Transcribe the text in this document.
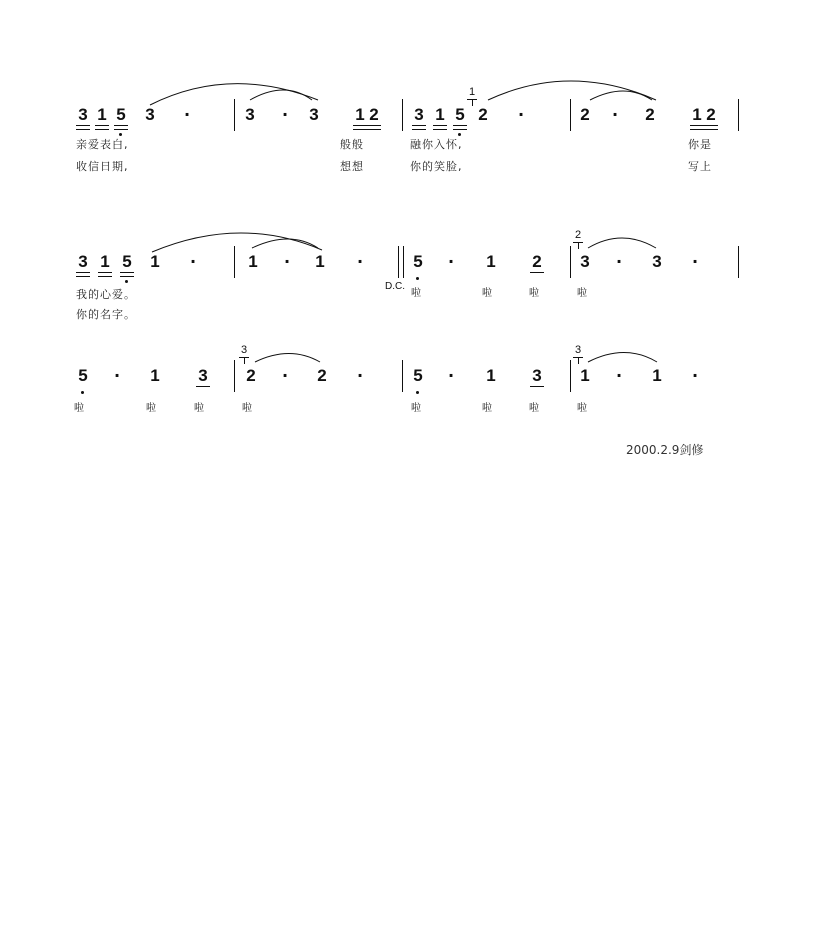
3 1 5 3 ·	3 · 3 1 2 3 1 5 2 ·	2 · 2 1 2
1
亲爱表白,	般般	融你入怀,	你是
收信日期,	想想	你的笑脸,	写上
3 1 5 1 ·	1 · 1 ·	5 · 1 2 3 · 3 ·
2
D.C.
我的心爱。
你的名字。
啦	啦	啦	啦
5 · 1 3 2 · 2 ·	5 · 1 3 1 · 1 ·
3	3
啦	啦	啦	啦	啦	啦	啦	啦
2000.2.9剑修
